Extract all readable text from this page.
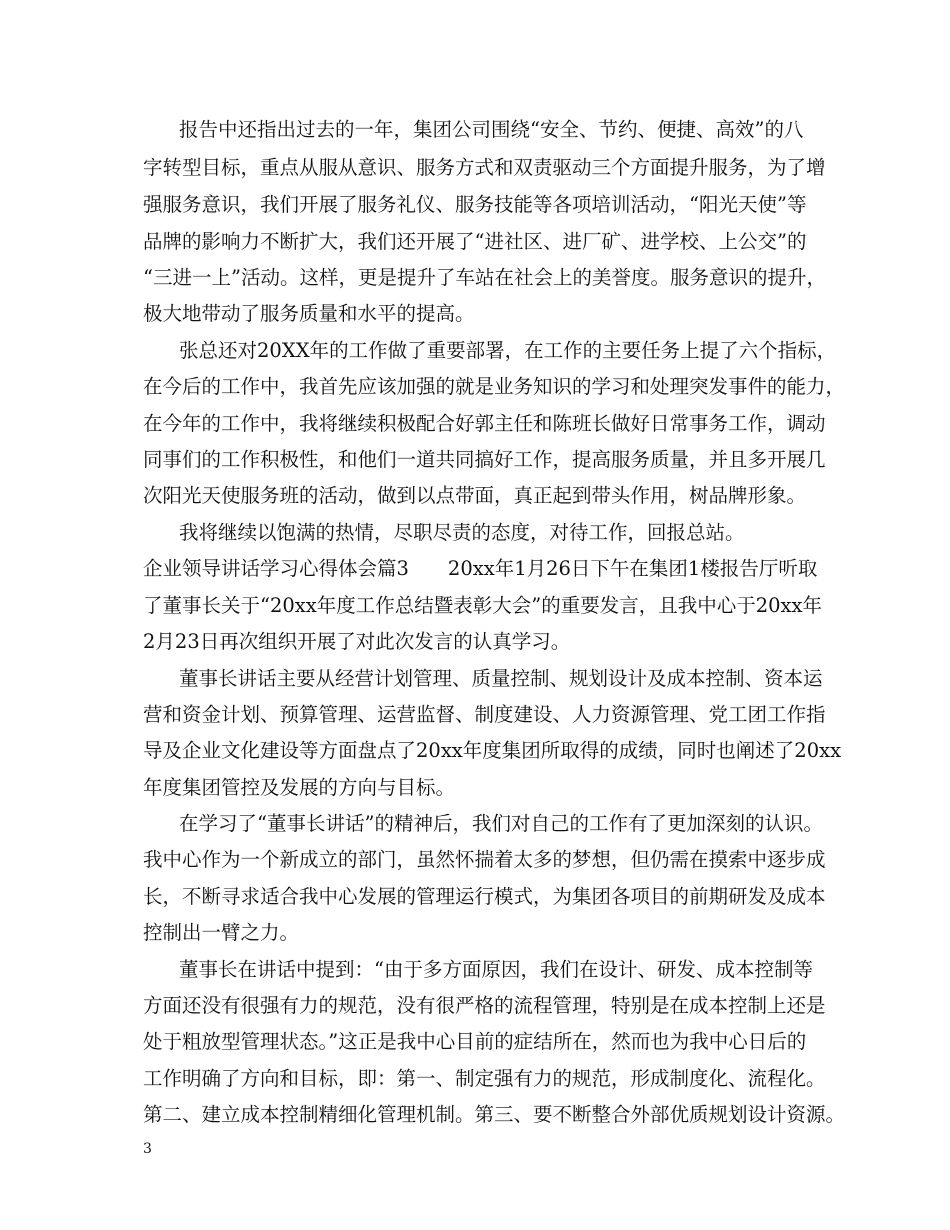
报告中还指出过去的一年，集团公司围绕“安全、节约、便捷、高效”的八
字转型目标，重点从服从意识、服务方式和双责驱动三个方面提升服务，为了增
强服务意识，我们开展了服务礼仪、服务技能等各项培训活动，“阳光天使”等
品牌的影响力不断扩大，我们还开展了“进社区、进厂矿、进学校、上公交”的
“三进一上”活动。这样，更是提升了车站在社会上的美誉度。服务意识的提升，
极大地带动了服务质量和水平的提高。
张总还对20XX年的工作做了重要部署，在工作的主要任务上提了六个指标，
在今后的工作中，我首先应该加强的就是业务知识的学习和处理突发事件的能力，
在今年的工作中，我将继续积极配合好郭主任和陈班长做好日常事务工作，调动
同事们的工作积极性，和他们一道共同搞好工作，提高服务质量，并且多开展几
次阳光天使服务班的活动，做到以点带面，真正起到带头作用，树品牌形象。
我将继续以饱满的热情，尽职尽责的态度，对待工作，回报总站。
企业领导讲话学习心得体会篇3　　20xx年1月26日下午在集团1楼报告厅听取
了董事长关于“20xx年度工作总结暨表彰大会”的重要发言，且我中心于20xx年
2月23日再次组织开展了对此次发言的认真学习。
董事长讲话主要从经营计划管理、质量控制、规划设计及成本控制、资本运
营和资金计划、预算管理、运营监督、制度建设、人力资源管理、党工团工作指
导及企业文化建设等方面盘点了20xx年度集团所取得的成绩，同时也阐述了20xx
年度集团管控及发展的方向与目标。
在学习了“董事长讲话”的精神后，我们对自己的工作有了更加深刻的认识。
我中心作为一个新成立的部门，虽然怀揣着太多的梦想，但仍需在摸索中逐步成
长，不断寻求适合我中心发展的管理运行模式，为集团各项目的前期研发及成本
控制出一臂之力。
董事长在讲话中提到：“由于多方面原因，我们在设计、研发、成本控制等
方面还没有很强有力的规范，没有很严格的流程管理，特别是在成本控制上还是
处于粗放型管理状态。”这正是我中心目前的症结所在，然而也为我中心日后的
工作明确了方向和目标，即：第一、制定强有力的规范，形成制度化、流程化。
第二、建立成本控制精细化管理机制。第三、要不断整合外部优质规划设计资源。
3
